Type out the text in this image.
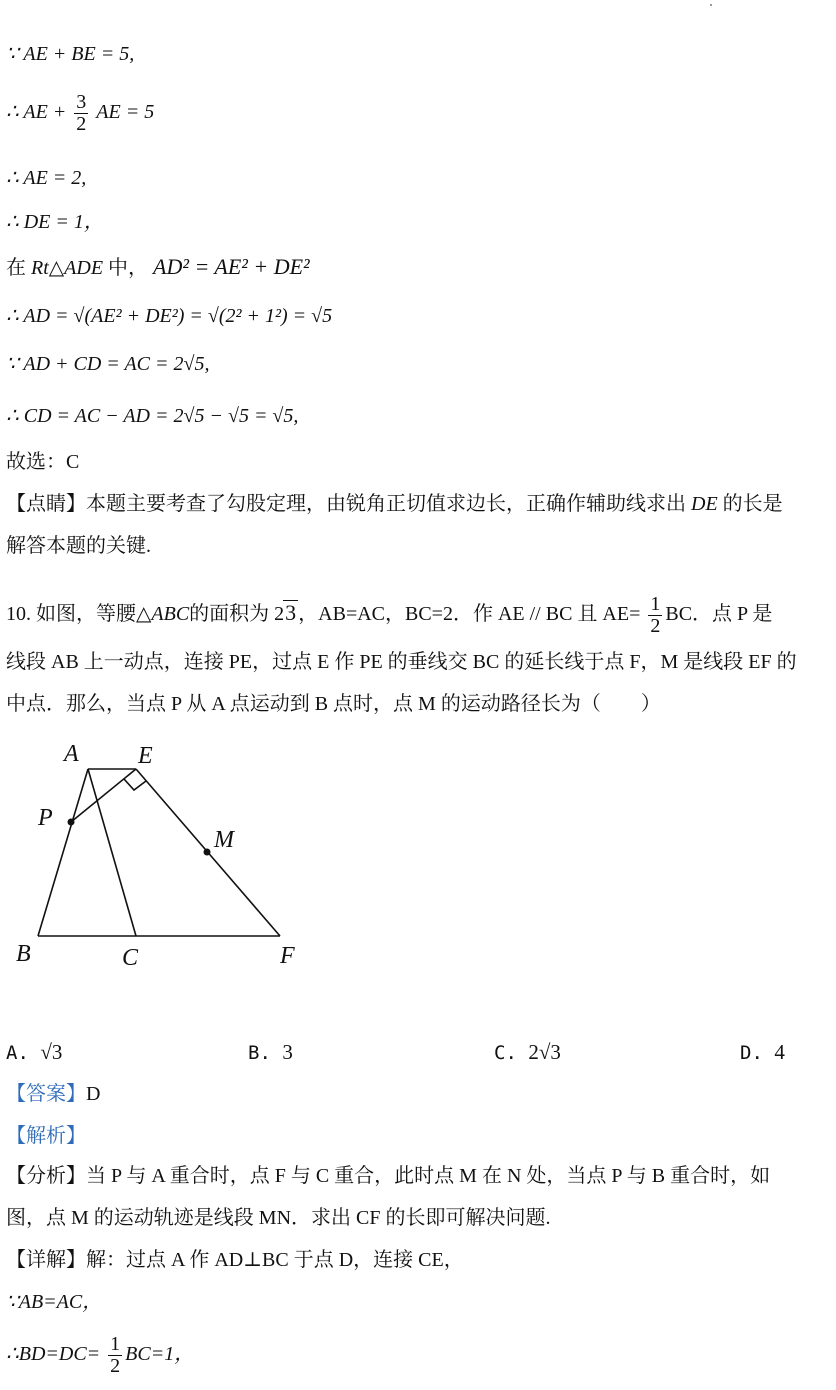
∵ AE + BE = 5,
∴ AE + $\frac{3}{2}$ AE = 5
∴ AE = 2,
∴ DE = 1，
在 Rt△ADE 中， AD² = AE² + DE²
∴ AD = √(AE² + DE²) = √(2² + 1²) = √5
∵ AD + CD = AC = 2√5,
∴ CD = AC − AD = 2√5 − √5 = √5,
故选：C
【点睛】本题主要考查了勾股定理，由锐角正切值求边长，正确作辅助线求出 DE 的长是
解答本题的关键.
10. 如图，等腰△ABC的面积为 23 ，AB=AC，BC=2．作 AE // BC 且 $AE= \frac{1}{2}$ BC．点 P 是
线段 AB 上一动点，连接 PE，过点 E 作 PE 的垂线交 BC 的延长线于点 F，M 是线段 EF 的
中点．那么，当点 P 从 A 点运动到 B 点时，点 M 的运动路径长为（　　）
A E
P
M
B	C	F
A. √3	B. 3	C. 2√3	D. 4
【答案】D
【解析】
【分析】当 P 与 A 重合时，点 F 与 C 重合，此时点 M 在 N 处，当点 P 与 B 重合时，如
图，点 M 的运动轨迹是线段 MN．求出 CF 的长即可解决问题.
【详解】解：过点 A 作 AD⊥BC 于点 D，连接 CE，
∵AB=AC，
∴BD=DC= $\frac{1}{2} BC=1$，
